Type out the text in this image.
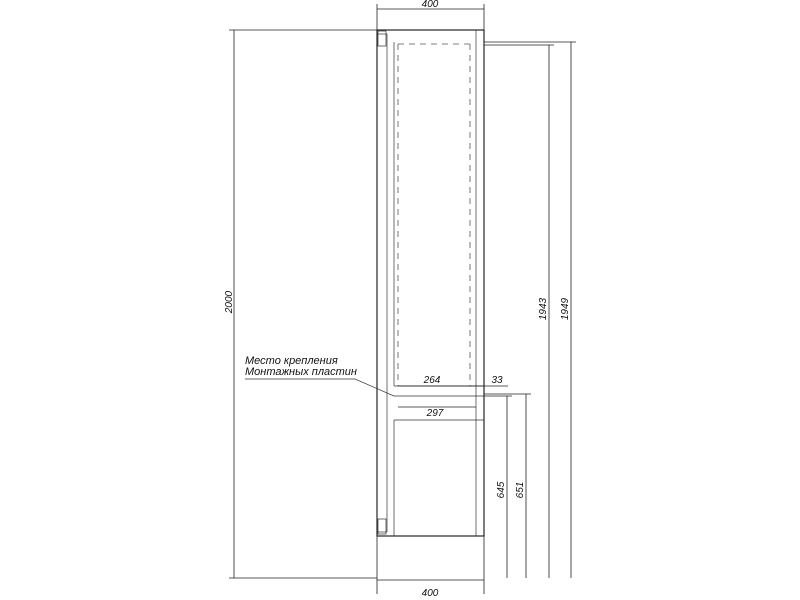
400
400
2000	1943 1949
264	33
297
645 651
Место крепления
Монтажных пластин
